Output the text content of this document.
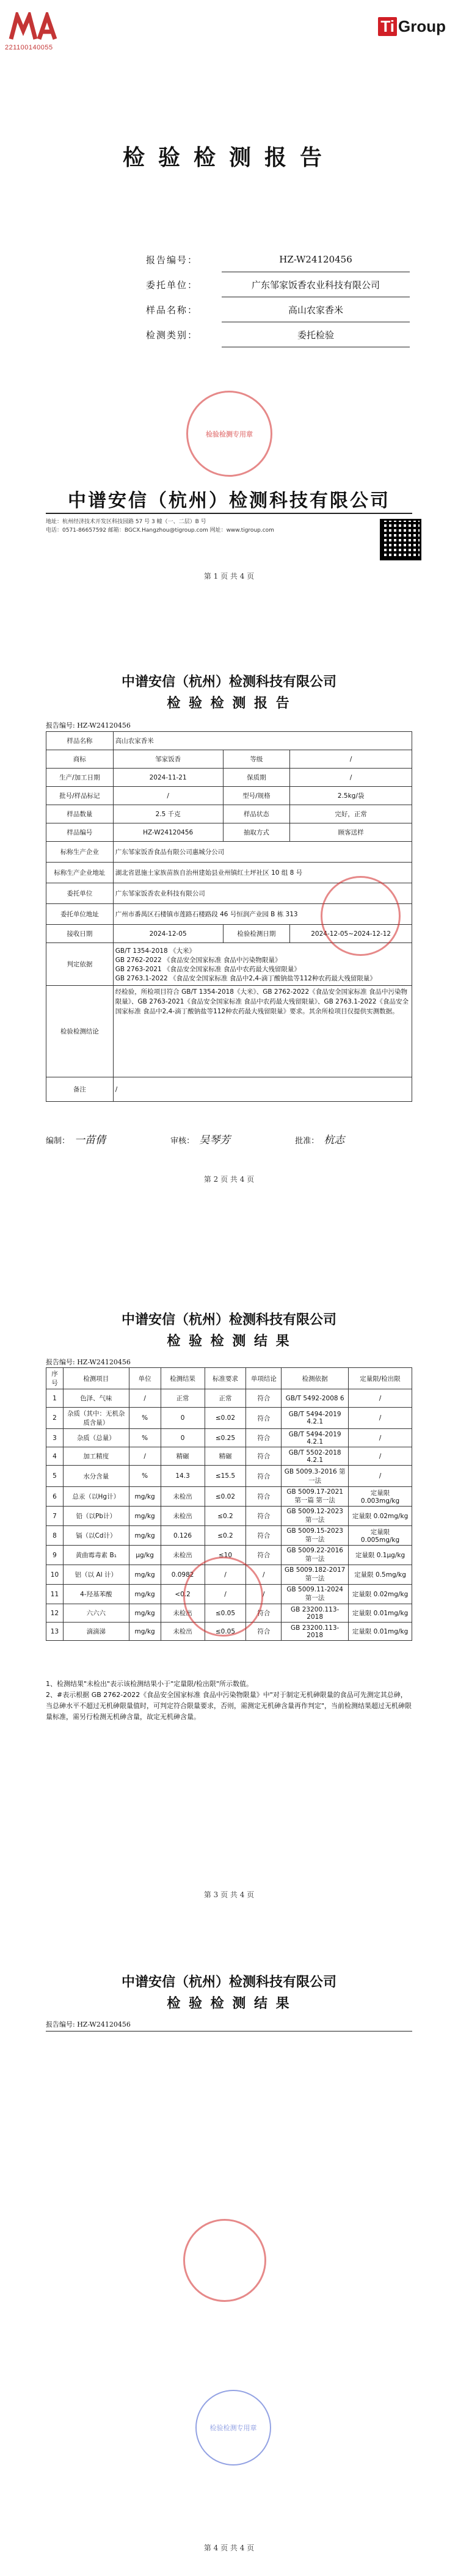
221100140055
Ti Group
检验检测报告
报告编号：	HZ-W24120456
委托单位：	广东邹家饭香农业科技有限公司
样品名称：	高山农家香米
检测类别：	委托检验
检验检测专用章
中谱安信（杭州）检测科技有限公司
地址：杭州经济技术开发区科技园路 57 号 3 幢（一、二层）B 号
电话：0571-86657592 邮箱：BGCX.Hangzhou@tigroup.com 网址：www.tigroup.com
第 1 页 共 4 页
中谱安信（杭州）检测科技有限公司
检 验 检 测 报 告
报告编号: HZ-W24120456
样品名称	高山农家香米		
商标	邹家饭香	等级	/
生产/加工日期	2024-11-21	保质期	/
批号/样品标记	/	型号/规格	2.5kg/袋
样品数量	2.5 千克	样品状态	完好，正常
样品编号	HZ-W24120456	抽取方式	顾客送样
标称生产企业	广东邹家饭香食品有限公司惠城分公司		
标称生产企业地址	湖北省恩施土家族苗族自治州建始县业州镇红土坪社区 10 组 8 号		
委托单位	广东邹家饭香农业科技有限公司		
委托单位地址	广州市番禺区石楼镇市莲路石楼路段 46 号恒润产业园 B 栋 313		
接收日期	2024-12-05	检验检测日期	2024-12-05~2024-12-12
判定依据	GB/T 1354-2018 《大米》
GB 2762-2022 《食品安全国家标准 食品中污染物限量》
GB 2763-2021 《食品安全国家标准 食品中农药最大残留限量》
GB 2763.1-2022 《食品安全国家标准 食品中2,4-滴丁酸钠盐等112种农药最大残留限量》		

检验检测结论	经检验，所检项目符合 GB/T 1354-2018《大米》、GB 2762-2022《食品安全国家标准 食品中污染物限量》、GB 2763-2021《食品安全国家标准 食品中农药最大残留限量》、GB 2763.1-2022《食品安全国家标准 食品中2,4-滴丁酸钠盐等112种农药最大残留限量》要求。其余所检项目仅提供实测数据。		
备注	/		
编制： 一苗倩	审核： 吴琴芳	批准： 杭志
第 2 页 共 4 页
中谱安信（杭州）检测科技有限公司
检 验 检 测 结 果
报告编号: HZ-W24120456
序号	检测项目	单位	检测结果	标准要求	单项结论	检测依据	定量限/检出限
1	色泽、气味	/	正常	正常	符合	GB/T 5492-2008 6	/
2	杂质（其中：无机杂质含量）	%	0	≤0.02	符合	GB/T 5494-2019 4.2.1	/
3	杂质（总量）	%	0	≤0.25	符合	GB/T 5494-2019 4.2.1	/
4	加工精度	/	精碾	精碾	符合	GB/T 5502-2018 4.2.1	/
5	水分含量	%	14.3	≤15.5	符合	GB 5009.3-2016 第一法	/
6	总汞（以Hg计）	mg/kg	未检出	≤0.02	符合	GB 5009.17-2021 第一篇 第一法	定量限 0.003mg/kg
7	铅（以Pb计）	mg/kg	未检出	≤0.2	符合	GB 5009.12-2023 第一法	定量限 0.02mg/kg
8	镉（以Cd计）	mg/kg	0.126	≤0.2	符合	GB 5009.15-2023 第一法	定量限 0.005mg/kg
9	黄曲霉毒素 B₁	μg/kg	未检出	≤10	符合	GB 5009.22-2016 第一法	定量限 0.1μg/kg
10	铝（以 Al 计）	mg/kg	0.0982	/	/	GB 5009.182-2017 第一法	定量限 0.5mg/kg
11	4-羟基苯酸	mg/kg	<0.2	/	/	GB 5009.11-2024 第一法	定量限 0.02mg/kg
12	六六六	mg/kg	未检出	≤0.05	符合	GB 23200.113-2018	定量限 0.01mg/kg
13	滴滴涕	mg/kg	未检出	≤0.05	符合	GB 23200.113-2018	定量限 0.01mg/kg
1、检测结果"未检出"表示该检测结果小于"定量限/检出限"所示数值。
2、#表示根据 GB 2762-2022《食品安全国家标准 食品中污染物限量》中"对于制定无机砷限量的食品可先测定其总砷，当总砷水平不超过无机砷限量值时，可判定符合限量要求，否则，需测定无机砷含量再作判定"，当前检测结果超过无机砷限量标准，需另行检测无机砷含量，故定无机砷含量。
第 3 页 共 4 页
中谱安信（杭州）检测科技有限公司
检 验 检 测 结 果
报告编号: HZ-W24120456
检验检测专用章
第 4 页 共 4 页
